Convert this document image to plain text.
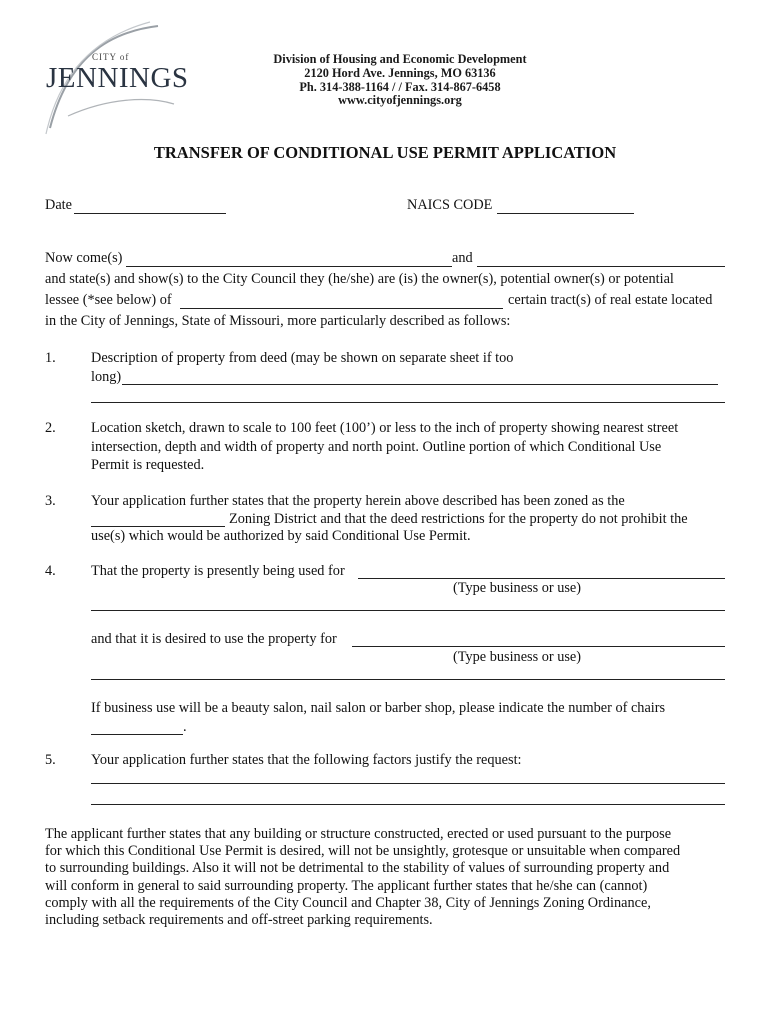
CITY of
JENNINGS
Division of Housing and Economic Development
2120 Hord Ave. Jennings, MO 63136
Ph. 314-388-1164 / / Fax. 314-867-6458
www.cityofjennings.org
TRANSFER OF CONDITIONAL USE PERMIT APPLICATION
Date	NAICS CODE
Now come(s)	and
and state(s) and show(s) to the City Council they (he/she) are (is) the owner(s), potential owner(s) or potential
lessee (*see below) of	certain tract(s) of real estate located
in the City of Jennings, State of Missouri, more particularly described as follows:
1. Description of property from deed (may be shown on separate sheet if too
long)
2. Location sketch, drawn to scale to 100 feet (100’) or less to the inch of property showing nearest street
intersection, depth and width of property and north point. Outline portion of which Conditional Use
Permit is requested.
3. Your application further states that the property herein above described has been zoned as the
Zoning District and that the deed restrictions for the property do not prohibit the
use(s) which would be authorized by said Conditional Use Permit.
4. That the property is presently being used for
(Type business or use)
and that it is desired to use the property for
(Type business or use)
If business use will be a beauty salon, nail salon or barber shop, please indicate the number of chairs
.
5. Your application further states that the following factors justify the request:
The applicant further states that any building or structure constructed, erected or used pursuant to the purpose
for which this Conditional Use Permit is desired, will not be unsightly, grotesque or unsuitable when compared
to surrounding buildings. Also it will not be detrimental to the stability of values of surrounding property and
will conform in general to said surrounding property. The applicant further states that he/she can (cannot)
comply with all the requirements of the City Council and Chapter 38, City of Jennings Zoning Ordinance,
including setback requirements and off-street parking requirements.
